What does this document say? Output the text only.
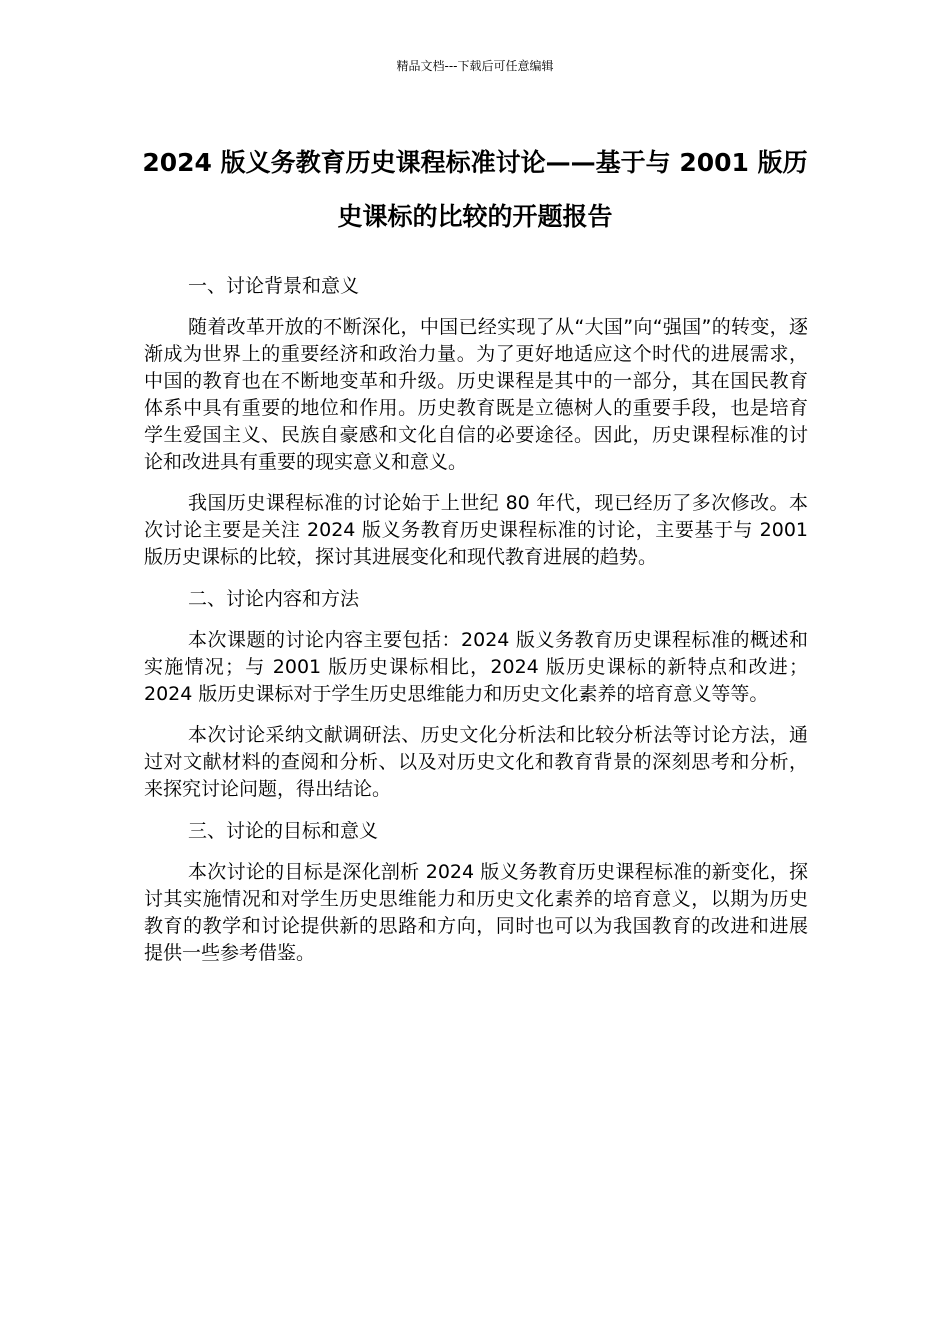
精品文档---下载后可任意编辑
2024 版义务教育历史课程标准讨论——基于与 2001 版历史课标的比较的开题报告
一、讨论背景和意义

随着改革开放的不断深化，中国已经实现了从“大国”向“强国”的转变，逐渐成为世界上的重要经济和政治力量。为了更好地适应这个时代的进展需求，中国的教育也在不断地变革和升级。历史课程是其中的一部分，其在国民教育体系中具有重要的地位和作用。历史教育既是立德树人的重要手段，也是培育学生爱国主义、民族自豪感和文化自信的必要途径。因此，历史课程标准的讨论和改进具有重要的现实意义和意义。

我国历史课程标准的讨论始于上世纪 80 年代，现已经历了多次修改。本次讨论主要是关注 2024 版义务教育历史课程标准的讨论，主要基于与 2001 版历史课标的比较，探讨其进展变化和现代教育进展的趋势。

二、讨论内容和方法

本次课题的讨论内容主要包括：2024 版义务教育历史课程标准的概述和实施情况；与 2001 版历史课标相比，2024 版历史课标的新特点和改进；2024 版历史课标对于学生历史思维能力和历史文化素养的培育意义等等。

本次讨论采纳文献调研法、历史文化分析法和比较分析法等讨论方法，通过对文献材料的查阅和分析、以及对历史文化和教育背景的深刻思考和分析，来探究讨论问题，得出结论。

三、讨论的目标和意义

本次讨论的目标是深化剖析 2024 版义务教育历史课程标准的新变化，探讨其实施情况和对学生历史思维能力和历史文化素养的培育意义，以期为历史教育的教学和讨论提供新的思路和方向，同时也可以为我国教育的改进和进展提供一些参考借鉴。
